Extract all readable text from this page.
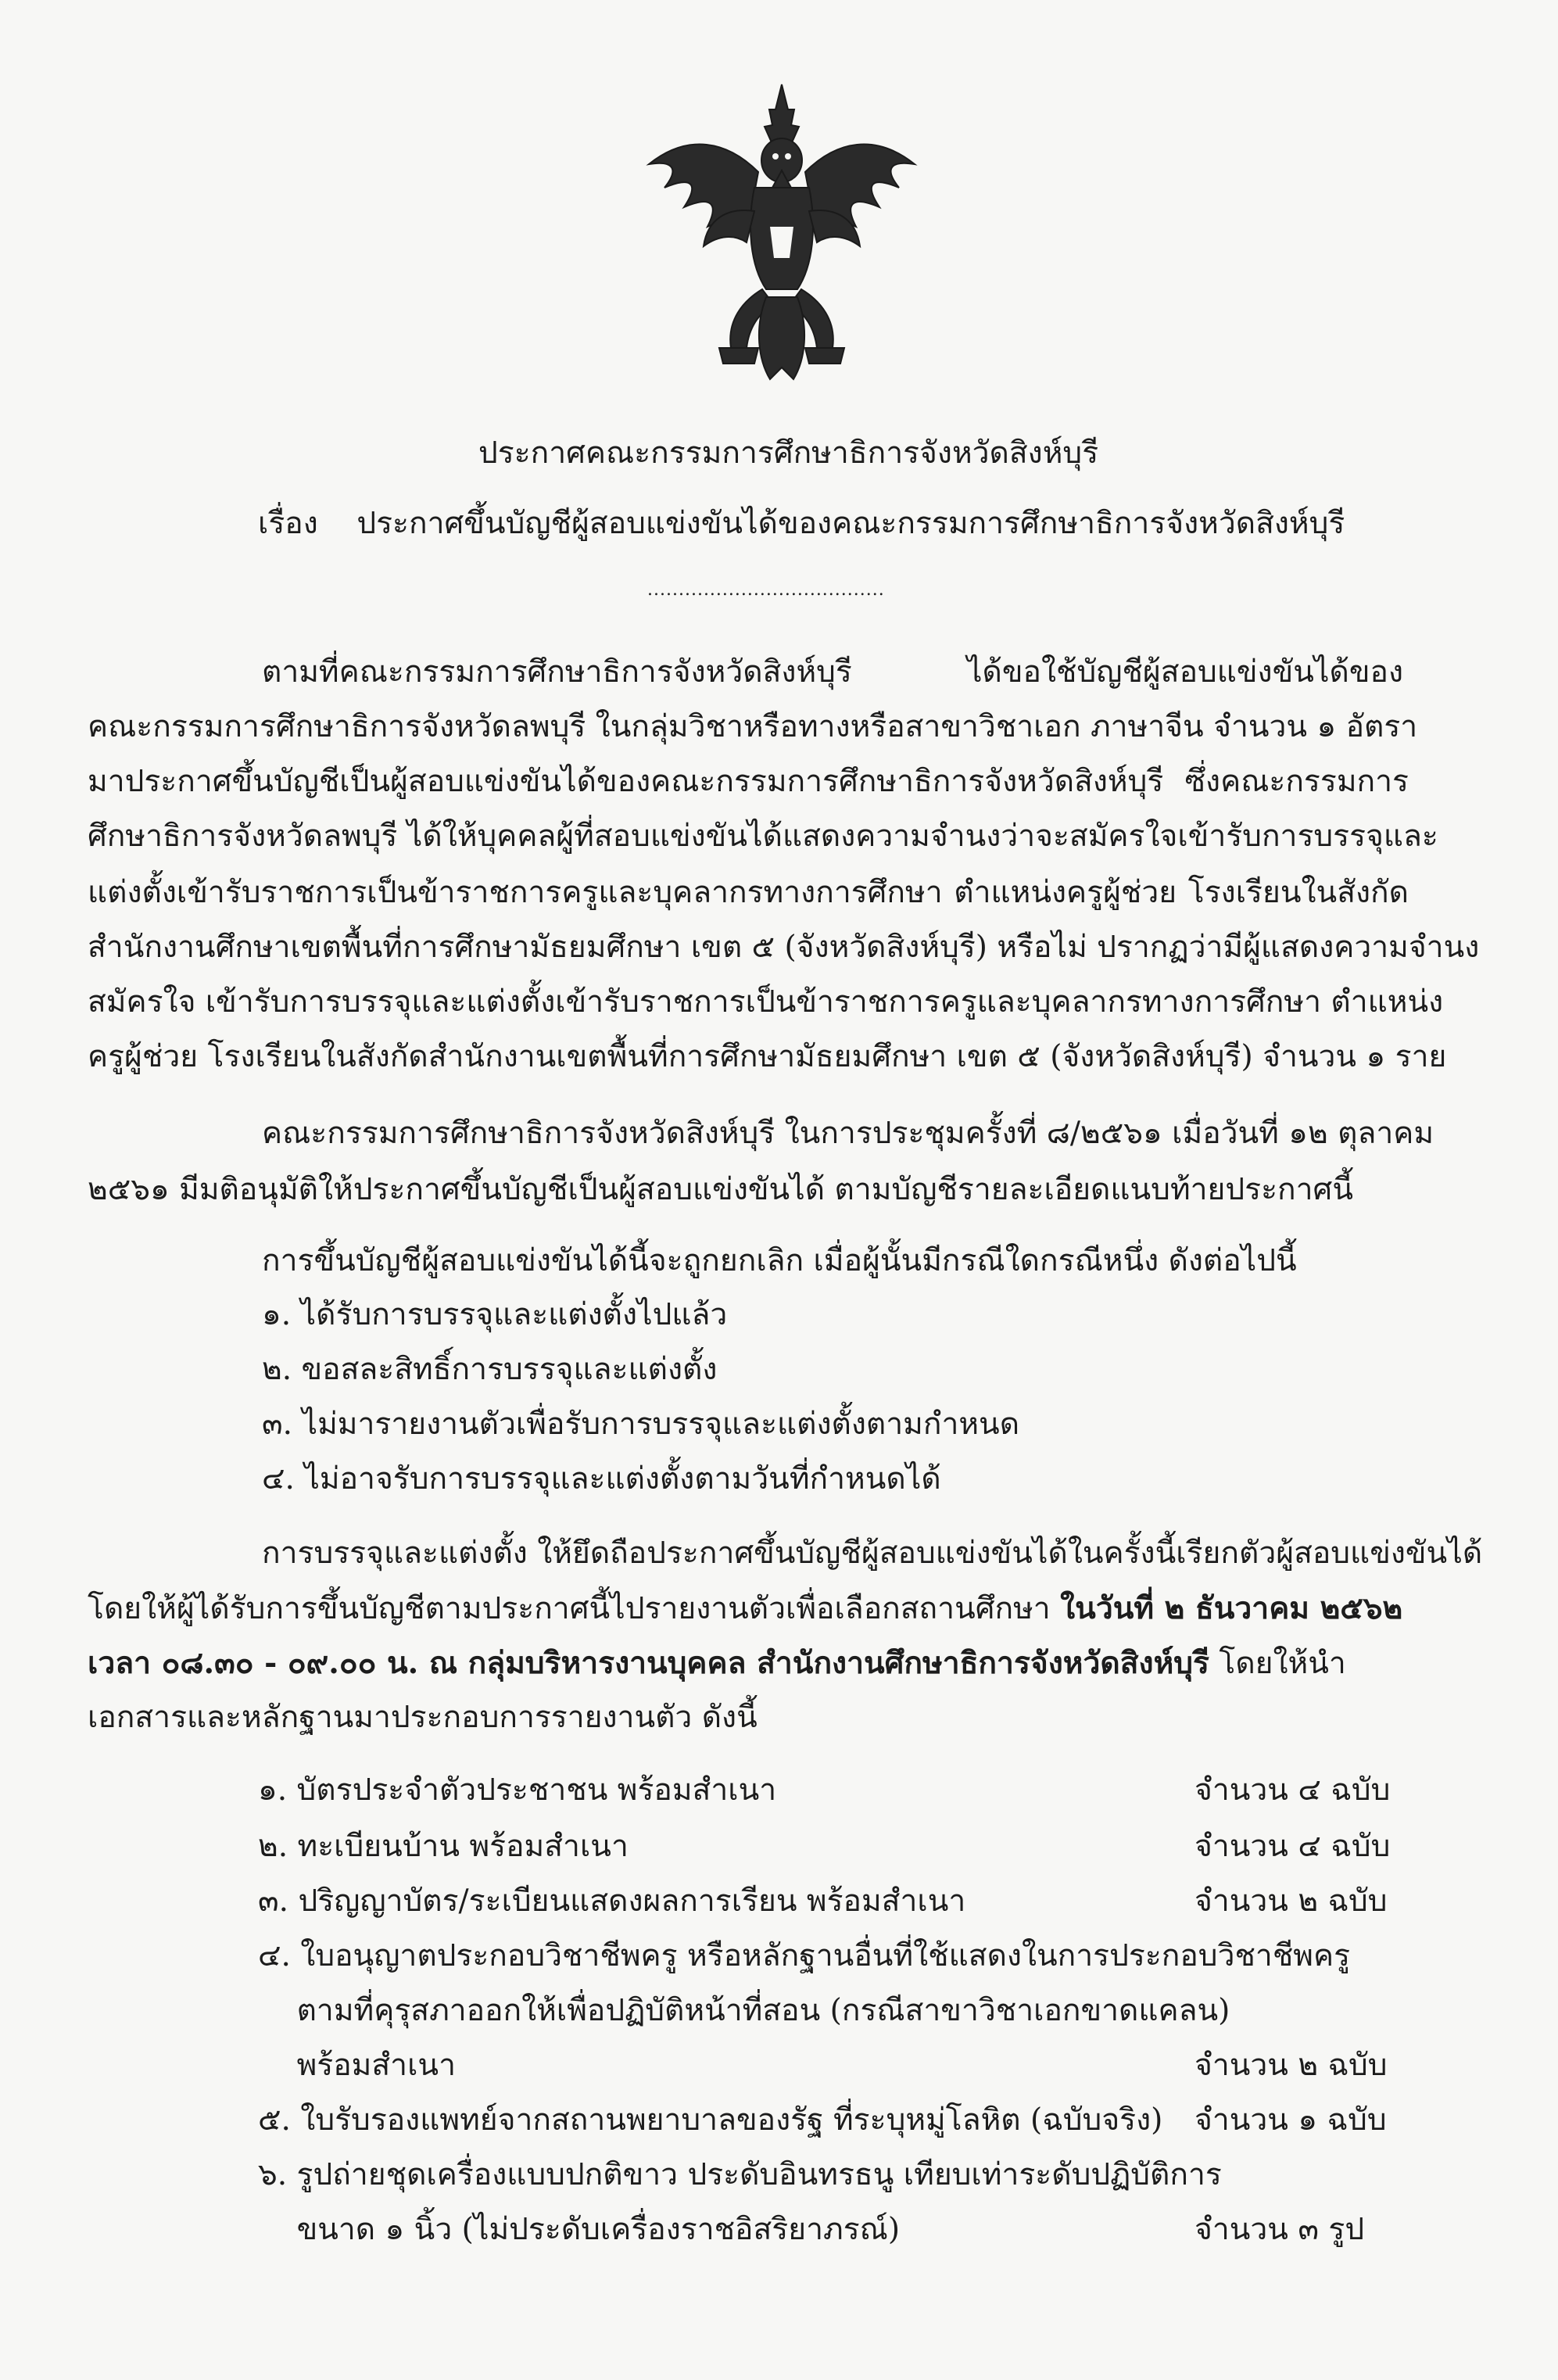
ประกาศคณะกรรมการศึกษาธิการจังหวัดสิงห์บุรี
เรื่อง ประกาศขึ้นบัญชีผู้สอบแข่งขันได้ของคณะกรรมการศึกษาธิการจังหวัดสิงห์บุรี
......................................
ตามที่คณะกรรมการศึกษาธิการจังหวัดสิงห์บุรี ได้ขอใช้บัญชีผู้สอบแข่งขันได้ของ
คณะกรรมการศึกษาธิการจังหวัดลพบุรี ในกลุ่มวิชาหรือทางหรือสาขาวิชาเอก ภาษาจีน จำนวน ๑ อัตรา
มาประกาศขึ้นบัญชีเป็นผู้สอบแข่งขันได้ของคณะกรรมการศึกษาธิการจังหวัดสิงห์บุรี ซึ่งคณะกรรมการ
ศึกษาธิการจังหวัดลพบุรี ได้ให้บุคคลผู้ที่สอบแข่งขันได้แสดงความจำนงว่าจะสมัครใจเข้ารับการบรรจุและ
แต่งตั้งเข้ารับราชการเป็นข้าราชการครูและบุคลากรทางการศึกษา ตำแหน่งครูผู้ช่วย โรงเรียนในสังกัด
สำนักงานศึกษาเขตพื้นที่การศึกษามัธยมศึกษา เขต ๕ (จังหวัดสิงห์บุรี) หรือไม่ ปรากฏว่ามีผู้แสดงความจำนง
สมัครใจ เข้ารับการบรรจุและแต่งตั้งเข้ารับราชการเป็นข้าราชการครูและบุคลากรทางการศึกษา ตำแหน่ง
ครูผู้ช่วย โรงเรียนในสังกัดสำนักงานเขตพื้นที่การศึกษามัธยมศึกษา เขต ๕ (จังหวัดสิงห์บุรี) จำนวน ๑ ราย
คณะกรรมการศึกษาธิการจังหวัดสิงห์บุรี ในการประชุมครั้งที่ ๘/๒๕๖๑ เมื่อวันที่ ๑๒ ตุลาคม
๒๕๖๑ มีมติอนุมัติให้ประกาศขึ้นบัญชีเป็นผู้สอบแข่งขันได้ ตามบัญชีรายละเอียดแนบท้ายประกาศนี้
การขึ้นบัญชีผู้สอบแข่งขันได้นี้จะถูกยกเลิก เมื่อผู้นั้นมีกรณีใดกรณีหนึ่ง ดังต่อไปนี้
๑. ได้รับการบรรจุและแต่งตั้งไปแล้ว
๒. ขอสละสิทธิ์การบรรจุและแต่งตั้ง
๓. ไม่มารายงานตัวเพื่อรับการบรรจุและแต่งตั้งตามกำหนด
๔. ไม่อาจรับการบรรจุและแต่งตั้งตามวันที่กำหนดได้
การบรรจุและแต่งตั้ง ให้ยึดถือประกาศขึ้นบัญชีผู้สอบแข่งขันได้ในครั้งนี้เรียกตัวผู้สอบแข่งขันได้
โดยให้ผู้ได้รับการขึ้นบัญชีตามประกาศนี้ไปรายงานตัวเพื่อเลือกสถานศึกษา ในวันที่ ๒ ธันวาคม ๒๕๖๒
เวลา ๐๘.๓๐ - ๐๙.๐๐ น. ณ กลุ่มบริหารงานบุคคล สำนักงานศึกษาธิการจังหวัดสิงห์บุรี โดยให้นำ
เอกสารและหลักฐานมาประกอบการรายงานตัว ดังนี้
๑. บัตรประจำตัวประชาชน พร้อมสำเนา	จำนวน ๔ ฉบับ
๒. ทะเบียนบ้าน พร้อมสำเนา	จำนวน ๔ ฉบับ
๓. ปริญญาบัตร/ระเบียนแสดงผลการเรียน พร้อมสำเนา	จำนวน ๒ ฉบับ
๔. ใบอนุญาตประกอบวิชาชีพครู หรือหลักฐานอื่นที่ใช้แสดงในการประกอบวิชาชีพครู
ตามที่คุรุสภาออกให้เพื่อปฏิบัติหน้าที่สอน (กรณีสาขาวิชาเอกขาดแคลน)
พร้อมสำเนา	จำนวน ๒ ฉบับ
๕. ใบรับรองแพทย์จากสถานพยาบาลของรัฐ ที่ระบุหมู่โลหิต (ฉบับจริง) จำนวน ๑ ฉบับ
๖. รูปถ่ายชุดเครื่องแบบปกติขาว ประดับอินทรธนู เทียบเท่าระดับปฏิบัติการ
ขนาด ๑ นิ้ว (ไม่ประดับเครื่องราชอิสริยาภรณ์)	จำนวน ๓ รูป
